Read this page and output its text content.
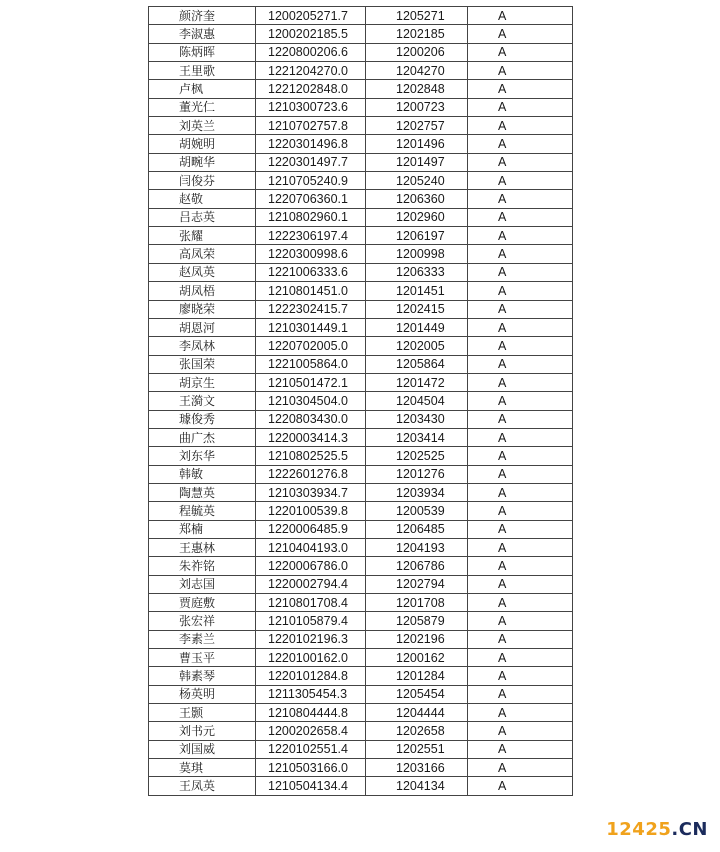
颜济奎	1200205271.7	1205271	A
李淑惠	1200202185.5	1202185	A
陈炳晖	1220800206.6	1200206	A
王里歌	1221204270.0	1204270	A
卢枫	1221202848.0	1202848	A
董光仁	1210300723.6	1200723	A
刘英兰	1210702757.8	1202757	A
胡婉明	1220301496.8	1201496	A
胡畹华	1220301497.7	1201497	A
闫俊芬	1210705240.9	1205240	A
赵敬	1220706360.1	1206360	A
吕志英	1210802960.1	1202960	A
张耀	1222306197.4	1206197	A
高凤荣	1220300998.6	1200998	A
赵凤英	1221006333.6	1206333	A
胡凤梧	1210801451.0	1201451	A
廖晓荣	1222302415.7	1202415	A
胡恩河	1210301449.1	1201449	A
李凤林	1220702005.0	1202005	A
张国荣	1221005864.0	1205864	A
胡京生	1210501472.1	1201472	A
王漪文	1210304504.0	1204504	A
璩俊秀	1220803430.0	1203430	A
曲广杰	1220003414.3	1203414	A
刘东华	1210802525.5	1202525	A
韩敏	1222601276.8	1201276	A
陶慧英	1210303934.7	1203934	A
程毓英	1220100539.8	1200539	A
郑楠	1220006485.9	1206485	A
王惠林	1210404193.0	1204193	A
朱祚铭	1220006786.0	1206786	A
刘志国	1220002794.4	1202794	A
贾庭敷	1210801708.4	1201708	A
张宏祥	1210105879.4	1205879	A
李素兰	1220102196.3	1202196	A
曹玉平	1220100162.0	1200162	A
韩素琴	1220101284.8	1201284	A
杨英明	1211305454.3	1205454	A
王颢	1210804444.8	1204444	A
刘书元	1200202658.4	1202658	A
刘国威	1220102551.4	1202551	A
莫琪	1210503166.0	1203166	A
王凤英	1210504134.4	1204134	A
12425.CN
